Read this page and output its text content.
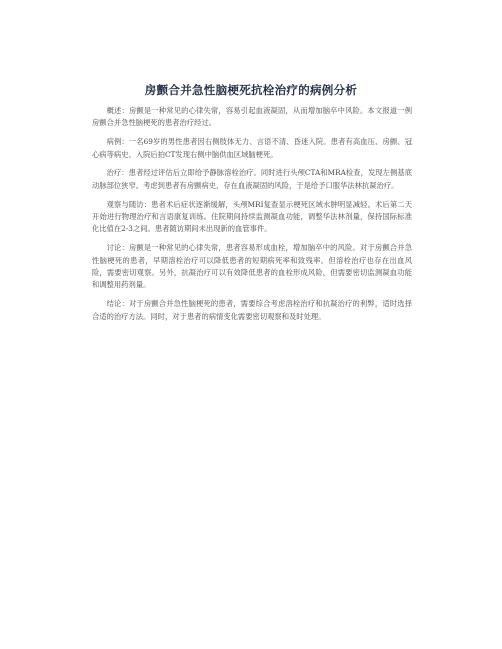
房颤合并急性脑梗死抗栓治疗的病例分析

概述：房颤是一种常见的心律失常，容易引起血液凝固，从而增加脑卒中风险。本文报道一例房颤合并急性脑梗死的患者治疗经过。

病例：一名69岁的男性患者因右侧肢体无力、言语不清、昏迷入院。患者有高血压、房颤、冠心病等病史。入院后拍CT发现右侧中脑供血区域脑梗死。

治疗：患者经过评估后立即给予静脉溶栓治疗。同时进行头颅CTA和MRA检查，发现左侧基底动脉部位狭窄。考虑到患者有房颤病史，存在血液凝固的风险，于是给予口服华法林抗凝治疗。

观察与随访：患者术后症状逐渐缓解，头颅MRI复查显示梗死区域水肿明显减轻。术后第二天开始进行物理治疗和言语康复训练。住院期间持续监测凝血功能，调整华法林剂量，保持国际标准化比值在2-3之间。患者随访期间未出现新的血管事件。

讨论：房颤是一种常见的心律失常，患者容易形成血栓，增加脑卒中的风险。对于房颤合并急性脑梗死的患者，早期溶栓治疗可以降低患者的短期病死率和致残率。但溶栓治疗也存在出血风险，需要密切观察。另外，抗凝治疗可以有效降低患者的血栓形成风险，但需要密切监测凝血功能和调整用药剂量。

结论：对于房颤合并急性脑梗死的患者，需要综合考虑溶栓治疗和抗凝治疗的利弊，适时选择合适的治疗方法。同时，对于患者的病情变化需要密切观察和及时处理。
